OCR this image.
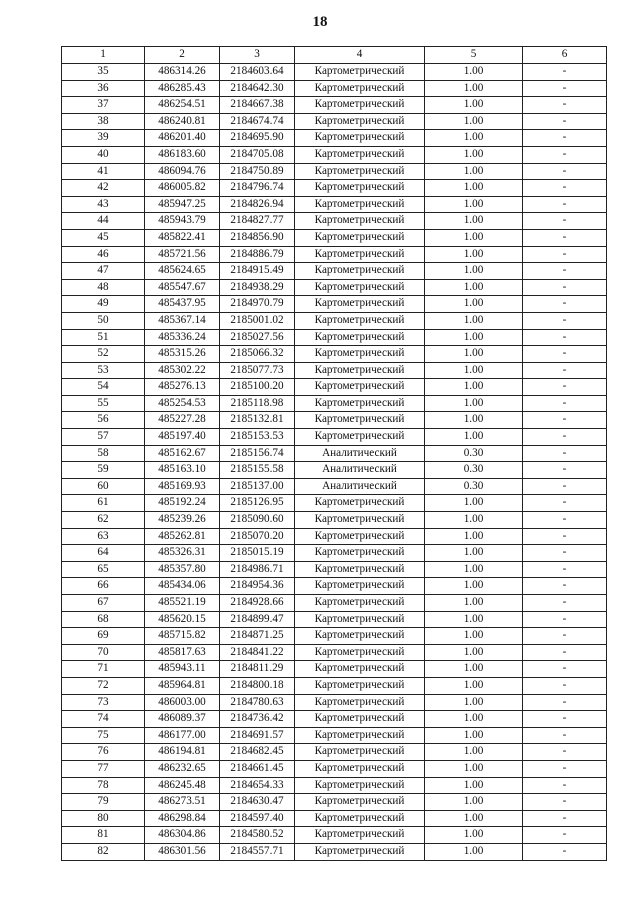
18
1	2	3	4	5	6
35	486314.26	2184603.64	Картометрический	1.00	-
36	486285.43	2184642.30	Картометрический	1.00	-
37	486254.51	2184667.38	Картометрический	1.00	-
38	486240.81	2184674.74	Картометрический	1.00	-
39	486201.40	2184695.90	Картометрический	1.00	-
40	486183.60	2184705.08	Картометрический	1.00	-
41	486094.76	2184750.89	Картометрический	1.00	-
42	486005.82	2184796.74	Картометрический	1.00	-
43	485947.25	2184826.94	Картометрический	1.00	-
44	485943.79	2184827.77	Картометрический	1.00	-
45	485822.41	2184856.90	Картометрический	1.00	-
46	485721.56	2184886.79	Картометрический	1.00	-
47	485624.65	2184915.49	Картометрический	1.00	-
48	485547.67	2184938.29	Картометрический	1.00	-
49	485437.95	2184970.79	Картометрический	1.00	-
50	485367.14	2185001.02	Картометрический	1.00	-
51	485336.24	2185027.56	Картометрический	1.00	-
52	485315.26	2185066.32	Картометрический	1.00	-
53	485302.22	2185077.73	Картометрический	1.00	-
54	485276.13	2185100.20	Картометрический	1.00	-
55	485254.53	2185118.98	Картометрический	1.00	-
56	485227.28	2185132.81	Картометрический	1.00	-
57	485197.40	2185153.53	Картометрический	1.00	-
58	485162.67	2185156.74	Аналитический	0.30	-
59	485163.10	2185155.58	Аналитический	0.30	-
60	485169.93	2185137.00	Аналитический	0.30	-
61	485192.24	2185126.95	Картометрический	1.00	-
62	485239.26	2185090.60	Картометрический	1.00	-
63	485262.81	2185070.20	Картометрический	1.00	-
64	485326.31	2185015.19	Картометрический	1.00	-
65	485357.80	2184986.71	Картометрический	1.00	-
66	485434.06	2184954.36	Картометрический	1.00	-
67	485521.19	2184928.66	Картометрический	1.00	-
68	485620.15	2184899.47	Картометрический	1.00	-
69	485715.82	2184871.25	Картометрический	1.00	-
70	485817.63	2184841.22	Картометрический	1.00	-
71	485943.11	2184811.29	Картометрический	1.00	-
72	485964.81	2184800.18	Картометрический	1.00	-
73	486003.00	2184780.63	Картометрический	1.00	-
74	486089.37	2184736.42	Картометрический	1.00	-
75	486177.00	2184691.57	Картометрический	1.00	-
76	486194.81	2184682.45	Картометрический	1.00	-
77	486232.65	2184661.45	Картометрический	1.00	-
78	486245.48	2184654.33	Картометрический	1.00	-
79	486273.51	2184630.47	Картометрический	1.00	-
80	486298.84	2184597.40	Картометрический	1.00	-
81	486304.86	2184580.52	Картометрический	1.00	-
82	486301.56	2184557.71	Картометрический	1.00	-
